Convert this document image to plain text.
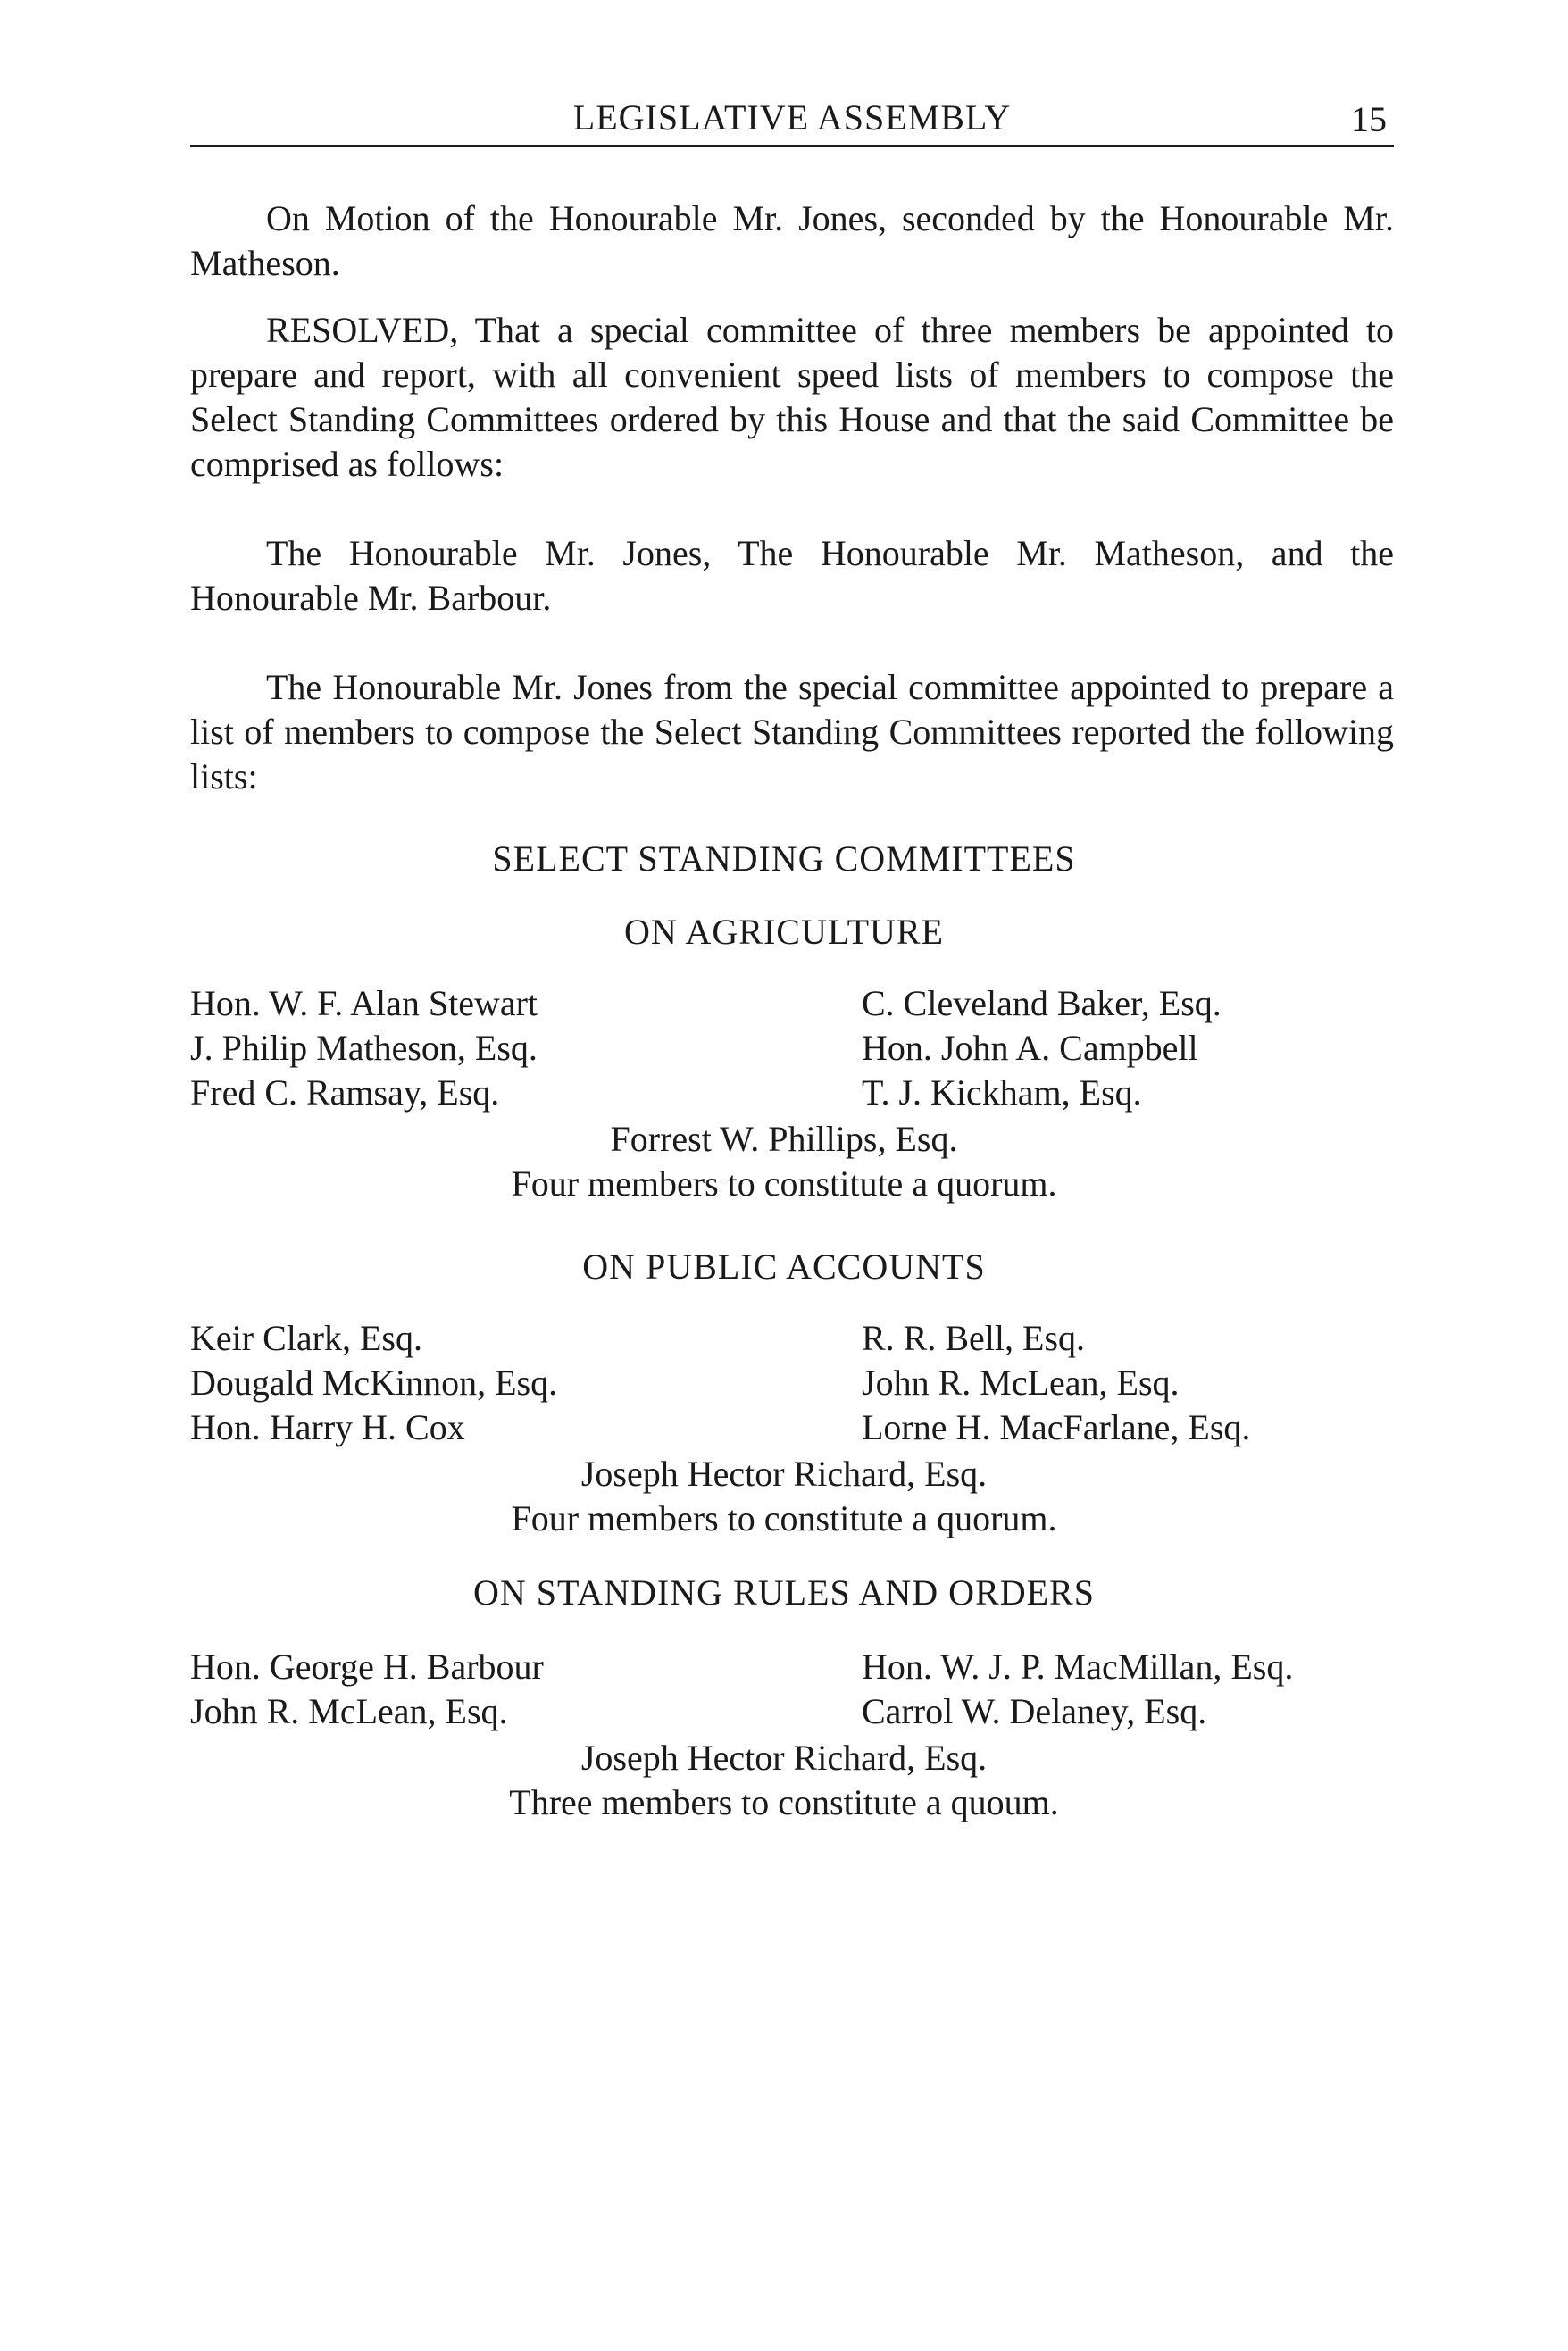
LEGISLATIVE ASSEMBLY	15
On Motion of the Honourable Mr. Jones, seconded by the Honourable Mr. Matheson.
RESOLVED, That a special committee of three members be appointed to prepare and report, with all convenient speed lists of members to compose the Select Standing Committees ordered by this House and that the said Committee be comprised as follows:
The Honourable Mr. Jones, The Honourable Mr. Matheson, and the Honourable Mr. Barbour.
The Honourable Mr. Jones from the special committee appointed to prepare a list of members to compose the Select Standing Committees reported the following lists:
SELECT STANDING COMMITTEES
ON AGRICULTURE
Hon. W. F. Alan Stewart	C. Cleveland Baker, Esq.
J. Philip Matheson, Esq.	Hon. John A. Campbell
Fred C. Ramsay, Esq.	T. J. Kickham, Esq.
Forrest W. Phillips, Esq.
Four members to constitute a quorum.
ON PUBLIC ACCOUNTS
Keir Clark, Esq.	R. R. Bell, Esq.
Dougald McKinnon, Esq.	John R. McLean, Esq.
Hon. Harry H. Cox	Lorne H. MacFarlane, Esq.
Joseph Hector Richard, Esq.
Four members to constitute a quorum.
ON STANDING RULES AND ORDERS
Hon. George H. Barbour	Hon. W. J. P. MacMillan, Esq.
John R. McLean, Esq.	Carrol W. Delaney, Esq.
Joseph Hector Richard, Esq.
Three members to constitute a quoum.
